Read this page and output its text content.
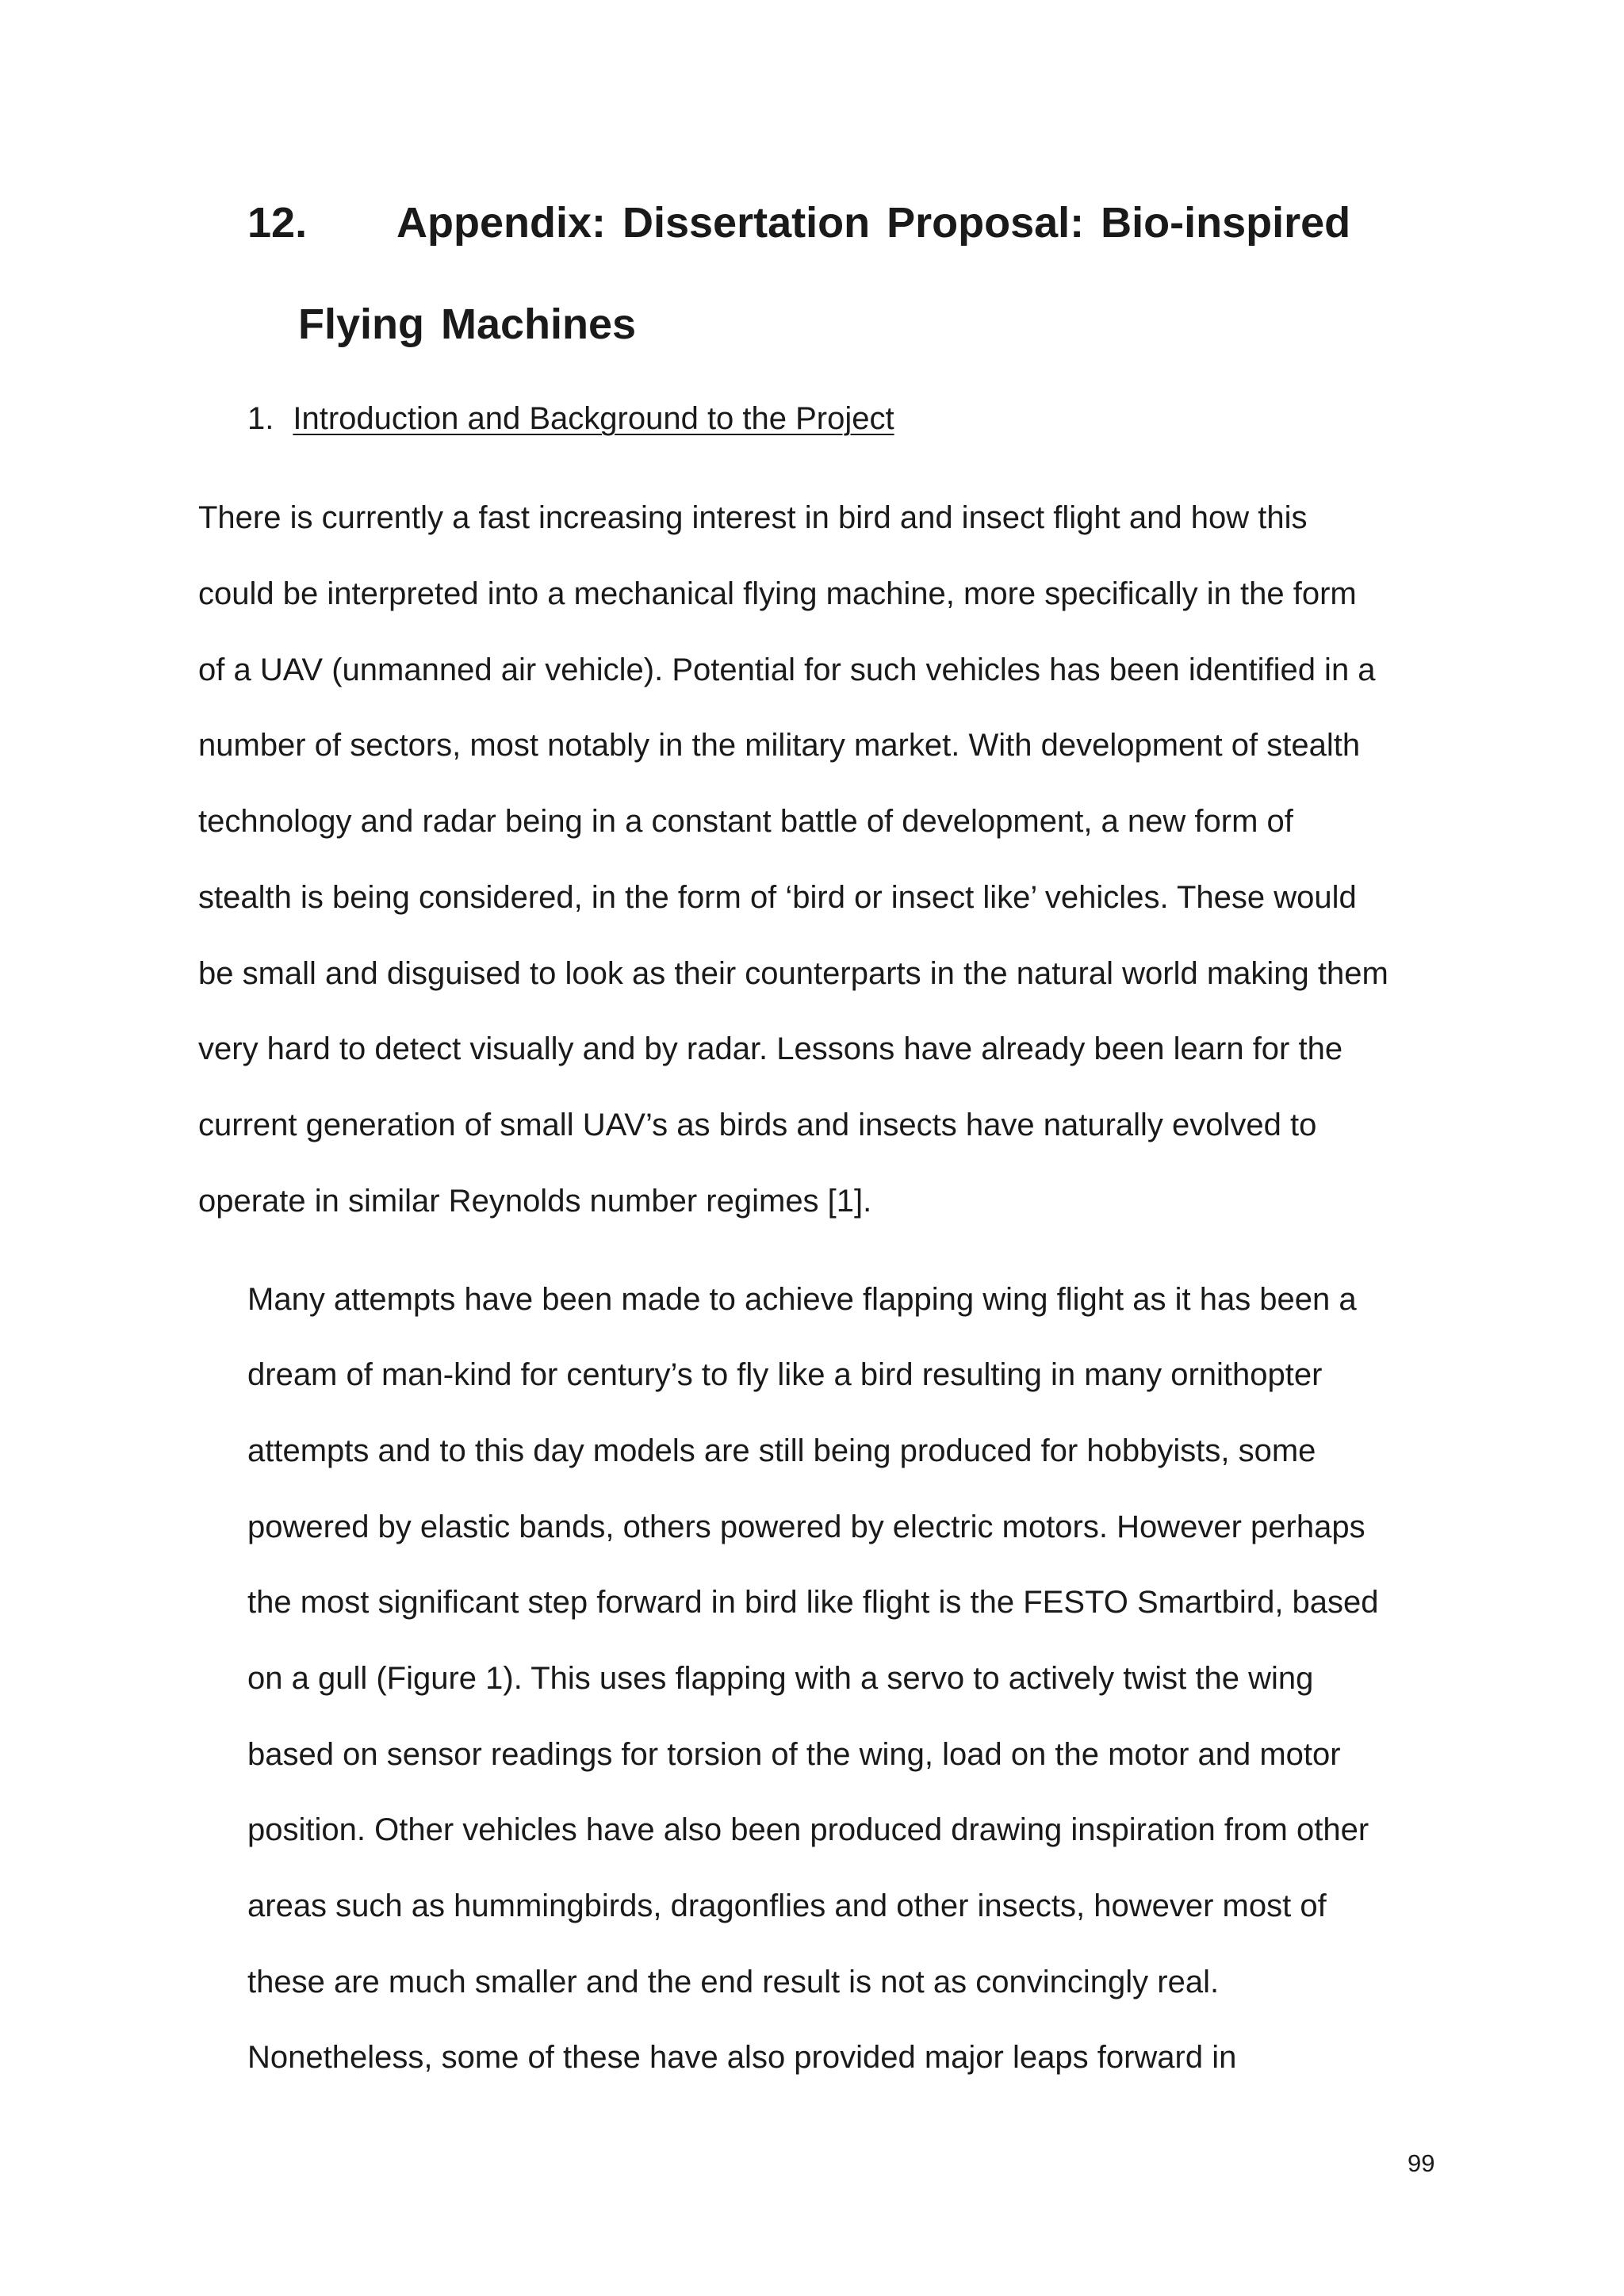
12. Appendix: Dissertation Proposal: Bio-inspired
Flying Machines
1. Introduction and Background to the Project
There is currently a fast increasing interest in bird and insect flight and how this
could be interpreted into a mechanical flying machine, more specifically in the form
of a UAV (unmanned air vehicle). Potential for such vehicles has been identified in a
number of sectors, most notably in the military market. With development of stealth
technology and radar being in a constant battle of development, a new form of
stealth is being considered, in the form of ‘bird or insect like’ vehicles. These would
be small and disguised to look as their counterparts in the natural world making them
very hard to detect visually and by radar. Lessons have already been learn for the
current generation of small UAV’s as birds and insects have naturally evolved to
operate in similar Reynolds number regimes [1].
Many attempts have been made to achieve flapping wing flight as it has been a
dream of man-kind for century’s to fly like a bird resulting in many ornithopter
attempts and to this day models are still being produced for hobbyists, some
powered by elastic bands, others powered by electric motors. However perhaps
the most significant step forward in bird like flight is the FESTO Smartbird, based
on a gull (Figure 1). This uses flapping with a servo to actively twist the wing
based on sensor readings for torsion of the wing, load on the motor and motor
position. Other vehicles have also been produced drawing inspiration from other
areas such as hummingbirds, dragonflies and other insects, however most of
these are much smaller and the end result is not as convincingly real.
Nonetheless, some of these have also provided major leaps forward in
99
